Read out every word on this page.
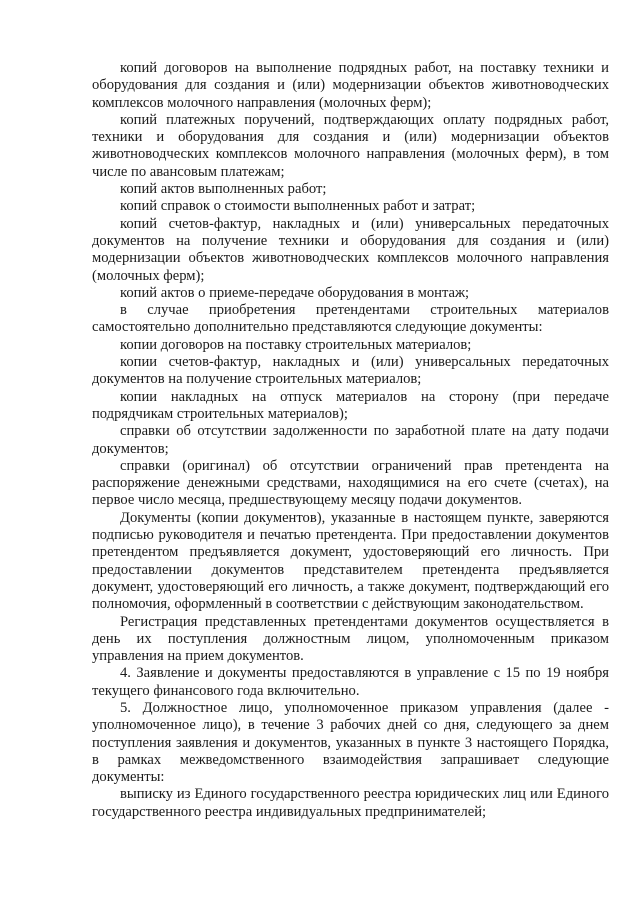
копий договоров на выполнение подрядных работ, на поставку техники и оборудования для создания и (или) модернизации объектов животноводческих комплексов молочного направления (молочных ферм);

копий платежных поручений, подтверждающих оплату подрядных работ, техники и оборудования для создания и (или) модернизации объектов животноводческих комплексов молочного направления (молочных ферм), в том числе по авансовым платежам;

копий актов выполненных работ;

копий справок о стоимости выполненных работ и затрат;

копий счетов-фактур, накладных и (или) универсальных передаточных документов на получение техники и оборудования для создания и (или) модернизации объектов животноводческих комплексов молочного направления (молочных ферм);

копий актов о приеме-передаче оборудования в монтаж;

в случае приобретения претендентами строительных материалов самостоятельно дополнительно представляются следующие документы:

копии договоров на поставку строительных материалов;

копии счетов-фактур, накладных и (или) универсальных передаточных документов на получение строительных материалов;

копии накладных на отпуск материалов на сторону (при передаче подрядчикам строительных материалов);

справки об отсутствии задолженности по заработной плате на дату подачи документов;

справки (оригинал) об отсутствии ограничений прав претендента на распоряжение денежными средствами, находящимися на его счете (счетах), на первое число месяца, предшествующему месяцу подачи документов.

Документы (копии документов), указанные в настоящем пункте, заверяются подписью руководителя и печатью претендента. При предоставлении документов претендентом предъявляется документ, удостоверяющий его личность. При предоставлении документов представителем претендента предъявляется документ, удостоверяющий его личность, а также документ, подтверждающий его полномочия, оформленный в соответствии с действующим законодательством.

Регистрация представленных претендентами документов осуществляется в день их поступления должностным лицом, уполномоченным приказом управления на прием документов.

4. Заявление и документы предоставляются в управление с 15 по 19 ноября текущего финансового года включительно.

5. Должностное лицо, уполномоченное приказом управления (далее - уполномоченное лицо), в течение 3 рабочих дней со дня, следующего за днем поступления заявления и документов, указанных в пункте 3 настоящего Порядка, в рамках межведомственного взаимодействия запрашивает следующие документы:

выписку из Единого государственного реестра юридических лиц или Единого государственного реестра индивидуальных предпринимателей;
